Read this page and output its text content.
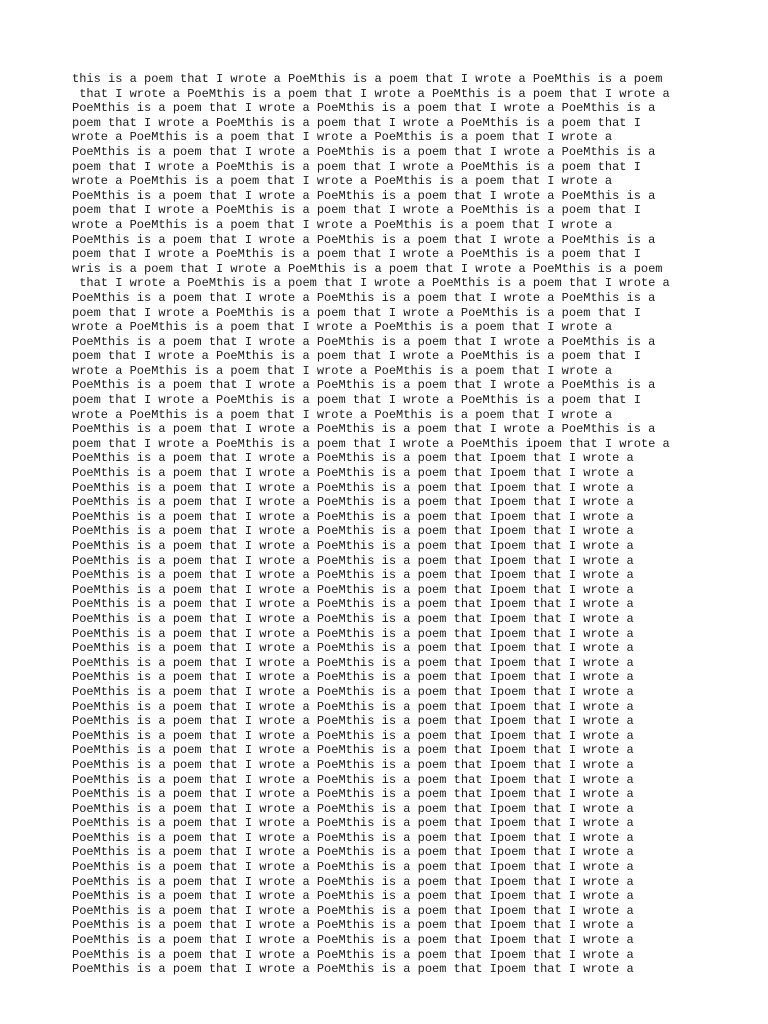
this is a poem that I wrote a PoeMthis is a poem that I wrote a PoeMthis is a poem
that I wrote a PoeMthis is a poem that I wrote a PoeMthis is a poem that I wrote a
PoeMthis is a poem that I wrote a PoeMthis is a poem that I wrote a PoeMthis is a
poem that I wrote a PoeMthis is a poem that I wrote a PoeMthis is a poem that I
wrote a PoeMthis is a poem that I wrote a PoeMthis is a poem that I wrote a
PoeMthis is a poem that I wrote a PoeMthis is a poem that I wrote a PoeMthis is a
poem that I wrote a PoeMthis is a poem that I wrote a PoeMthis is a poem that I
wrote a PoeMthis is a poem that I wrote a PoeMthis is a poem that I wrote a
PoeMthis is a poem that I wrote a PoeMthis is a poem that I wrote a PoeMthis is a
poem that I wrote a PoeMthis is a poem that I wrote a PoeMthis is a poem that I
wrote a PoeMthis is a poem that I wrote a PoeMthis is a poem that I wrote a
PoeMthis is a poem that I wrote a PoeMthis is a poem that I wrote a PoeMthis is a
poem that I wrote a PoeMthis is a poem that I wrote a PoeMthis is a poem that I
wris is a poem that I wrote a PoeMthis is a poem that I wrote a PoeMthis is a poem
that I wrote a PoeMthis is a poem that I wrote a PoeMthis is a poem that I wrote a
PoeMthis is a poem that I wrote a PoeMthis is a poem that I wrote a PoeMthis is a
poem that I wrote a PoeMthis is a poem that I wrote a PoeMthis is a poem that I
wrote a PoeMthis is a poem that I wrote a PoeMthis is a poem that I wrote a
PoeMthis is a poem that I wrote a PoeMthis is a poem that I wrote a PoeMthis is a
poem that I wrote a PoeMthis is a poem that I wrote a PoeMthis is a poem that I
wrote a PoeMthis is a poem that I wrote a PoeMthis is a poem that I wrote a
PoeMthis is a poem that I wrote a PoeMthis is a poem that I wrote a PoeMthis is a
poem that I wrote a PoeMthis is a poem that I wrote a PoeMthis is a poem that I
wrote a PoeMthis is a poem that I wrote a PoeMthis is a poem that I wrote a
PoeMthis is a poem that I wrote a PoeMthis is a poem that I wrote a PoeMthis is a
poem that I wrote a PoeMthis is a poem that I wrote a PoeMthis ipoem that I wrote a
PoeMthis is a poem that I wrote a PoeMthis is a poem that Ipoem that I wrote a
PoeMthis is a poem that I wrote a PoeMthis is a poem that Ipoem that I wrote a
PoeMthis is a poem that I wrote a PoeMthis is a poem that Ipoem that I wrote a
PoeMthis is a poem that I wrote a PoeMthis is a poem that Ipoem that I wrote a
PoeMthis is a poem that I wrote a PoeMthis is a poem that Ipoem that I wrote a
PoeMthis is a poem that I wrote a PoeMthis is a poem that Ipoem that I wrote a
PoeMthis is a poem that I wrote a PoeMthis is a poem that Ipoem that I wrote a
PoeMthis is a poem that I wrote a PoeMthis is a poem that Ipoem that I wrote a
PoeMthis is a poem that I wrote a PoeMthis is a poem that Ipoem that I wrote a
PoeMthis is a poem that I wrote a PoeMthis is a poem that Ipoem that I wrote a
PoeMthis is a poem that I wrote a PoeMthis is a poem that Ipoem that I wrote a
PoeMthis is a poem that I wrote a PoeMthis is a poem that Ipoem that I wrote a
PoeMthis is a poem that I wrote a PoeMthis is a poem that Ipoem that I wrote a
PoeMthis is a poem that I wrote a PoeMthis is a poem that Ipoem that I wrote a
PoeMthis is a poem that I wrote a PoeMthis is a poem that Ipoem that I wrote a
PoeMthis is a poem that I wrote a PoeMthis is a poem that Ipoem that I wrote a
PoeMthis is a poem that I wrote a PoeMthis is a poem that Ipoem that I wrote a
PoeMthis is a poem that I wrote a PoeMthis is a poem that Ipoem that I wrote a
PoeMthis is a poem that I wrote a PoeMthis is a poem that Ipoem that I wrote a
PoeMthis is a poem that I wrote a PoeMthis is a poem that Ipoem that I wrote a
PoeMthis is a poem that I wrote a PoeMthis is a poem that Ipoem that I wrote a
PoeMthis is a poem that I wrote a PoeMthis is a poem that Ipoem that I wrote a
PoeMthis is a poem that I wrote a PoeMthis is a poem that Ipoem that I wrote a
PoeMthis is a poem that I wrote a PoeMthis is a poem that Ipoem that I wrote a
PoeMthis is a poem that I wrote a PoeMthis is a poem that Ipoem that I wrote a
PoeMthis is a poem that I wrote a PoeMthis is a poem that Ipoem that I wrote a
PoeMthis is a poem that I wrote a PoeMthis is a poem that Ipoem that I wrote a
PoeMthis is a poem that I wrote a PoeMthis is a poem that Ipoem that I wrote a
PoeMthis is a poem that I wrote a PoeMthis is a poem that Ipoem that I wrote a
PoeMthis is a poem that I wrote a PoeMthis is a poem that Ipoem that I wrote a
PoeMthis is a poem that I wrote a PoeMthis is a poem that Ipoem that I wrote a
PoeMthis is a poem that I wrote a PoeMthis is a poem that Ipoem that I wrote a
PoeMthis is a poem that I wrote a PoeMthis is a poem that Ipoem that I wrote a
PoeMthis is a poem that I wrote a PoeMthis is a poem that Ipoem that I wrote a
PoeMthis is a poem that I wrote a PoeMthis is a poem that Ipoem that I wrote a
PoeMthis is a poem that I wrote a PoeMthis is a poem that Ipoem that I wrote a
